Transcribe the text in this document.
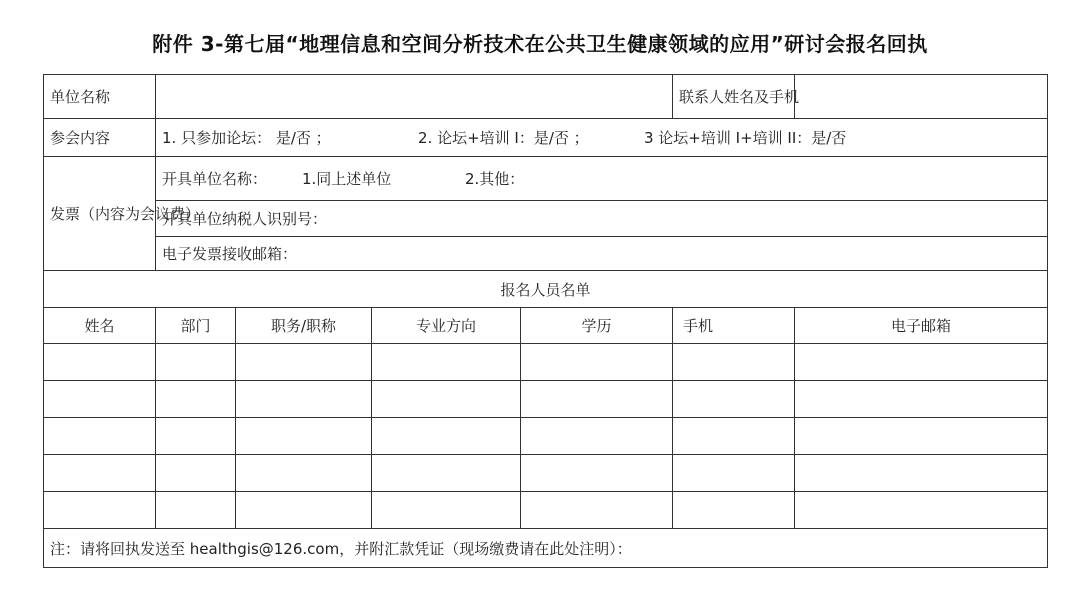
附件 3-第七届“地理信息和空间分析技术在公共卫生健康领域的应用”研讨会报名回执
单位名称					联系人姓名及手机	
参会内容	1. 只参加论坛： 是/否 ； 2. 论坛+培训 I：是/否 ； 3 论坛+培训 I+培训 II：是/否					
发票（内容为会议费）	开具单位名称： 1.同上述单位 2.其他：					
	开具单位纳税人识别号：					
	电子发票接收邮箱：					
报名人员名单						
姓名	部门	职务/职称	专业方向	学历	手机	电子邮箱

注：请将回执发送至 healthgis@126.com，并附汇款凭证（现场缴费请在此处注明）：						
